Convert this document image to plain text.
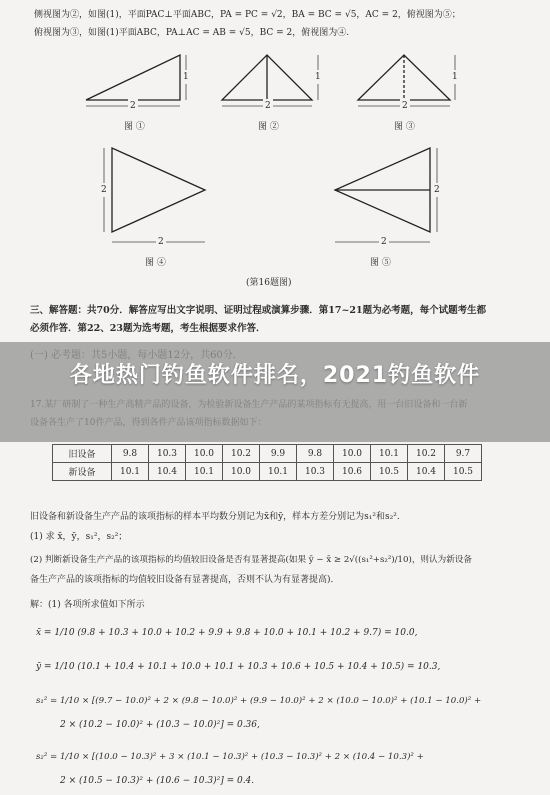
侧视图为②，如图(1)，平面PAC⊥平面ABC，PA = PC = √2，BA = BC = √5，AC = 2，俯视图为⑤；
俯视图为③，如图(1)平面ABC，PA⊥AC = AB = √5，BC = 2，俯视图为④.
2	2	2
1	1	1
2	2
2	2
图 ①	图 ②	图 ③
图 ④	图 ⑤
(第16题图)
三、解答题：共70分．解答应写出文字说明、证明过程或演算步骤．第17~21题为必考题，每个试题考生都
必须作答．第22、23题为选考题，考生根据要求作答．
各地热门钓鱼软件排名，2021钓鱼软件
旧设备	9.8	10.3	10.0	10.2	9.9	9.8	10.0	10.1	10.2	9.7
新设备	10.1	10.4	10.1	10.0	10.1	10.3	10.6	10.5	10.4	10.5
旧设备和新设备生产产品的该项指标的样本平均数分别记为x̄和ȳ，样本方差分别记为s₁²和s₂².
(1) 求 x̄，ȳ，s₁²，s₂²；
(2) 判断新设备生产产品的该项指标的均值较旧设备是否有显著提高(如果 ȳ − x̄ ≥ 2√((s₁²+s₂²)/10)，则认为新设备
备生产产品的该项指标的均值较旧设备有显著提高，否则不认为有显著提高)．
解：(1) 各项所求值如下所示
x̄ = 1/10 (9.8 + 10.3 + 10.0 + 10.2 + 9.9 + 9.8 + 10.0 + 10.1 + 10.2 + 9.7) = 10.0,
ȳ = 1/10 (10.1 + 10.4 + 10.1 + 10.0 + 10.1 + 10.3 + 10.6 + 10.5 + 10.4 + 10.5) = 10.3,
s₁² = 1/10 × [(9.7 − 10.0)² + 2 × (9.8 − 10.0)² + (9.9 − 10.0)² + 2 × (10.0 − 10.0)² + (10.1 − 10.0)² +
2 × (10.2 − 10.0)² + (10.3 − 10.0)²] = 0.36,
s₂² = 1/10 × [(10.0 − 10.3)² + 3 × (10.1 − 10.3)² + (10.3 − 10.3)² + 2 × (10.4 − 10.3)² +
2 × (10.5 − 10.3)² + (10.6 − 10.3)²] = 0.4.
